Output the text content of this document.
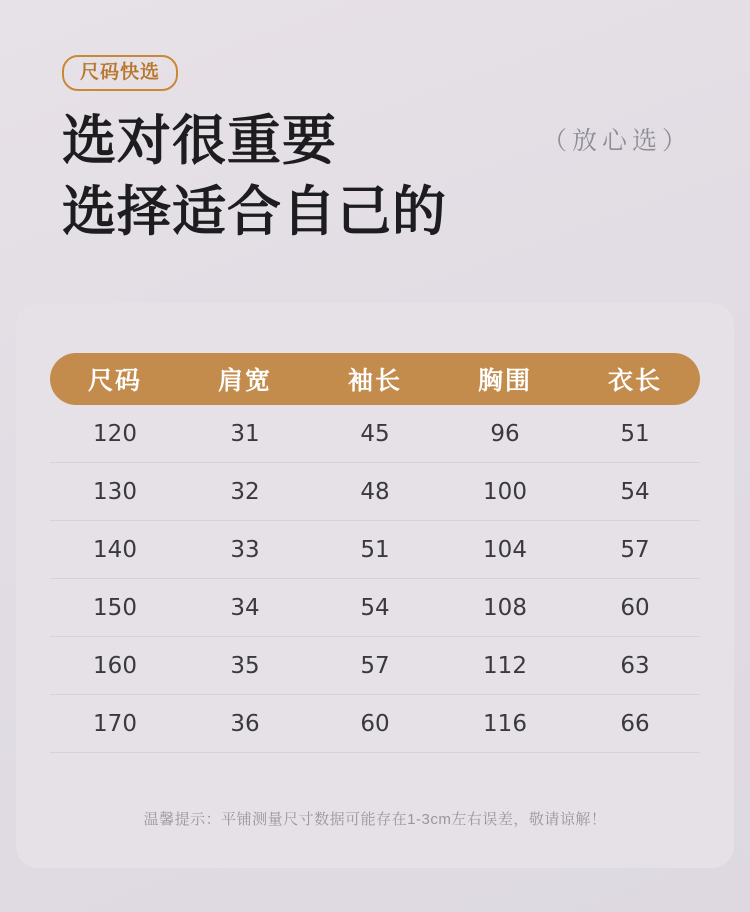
尺码快选
选对很重要
选择适合自己的
（放心选）
尺码	肩宽	袖长	胸围	衣长
120	31	45	96	51
130	32	48	100	54
140	33	51	104	57
150	34	54	108	60
160	35	57	112	63
170	36	60	116	66
温馨提示：平铺测量尺寸数据可能存在1-3cm左右误差，敬请谅解！
